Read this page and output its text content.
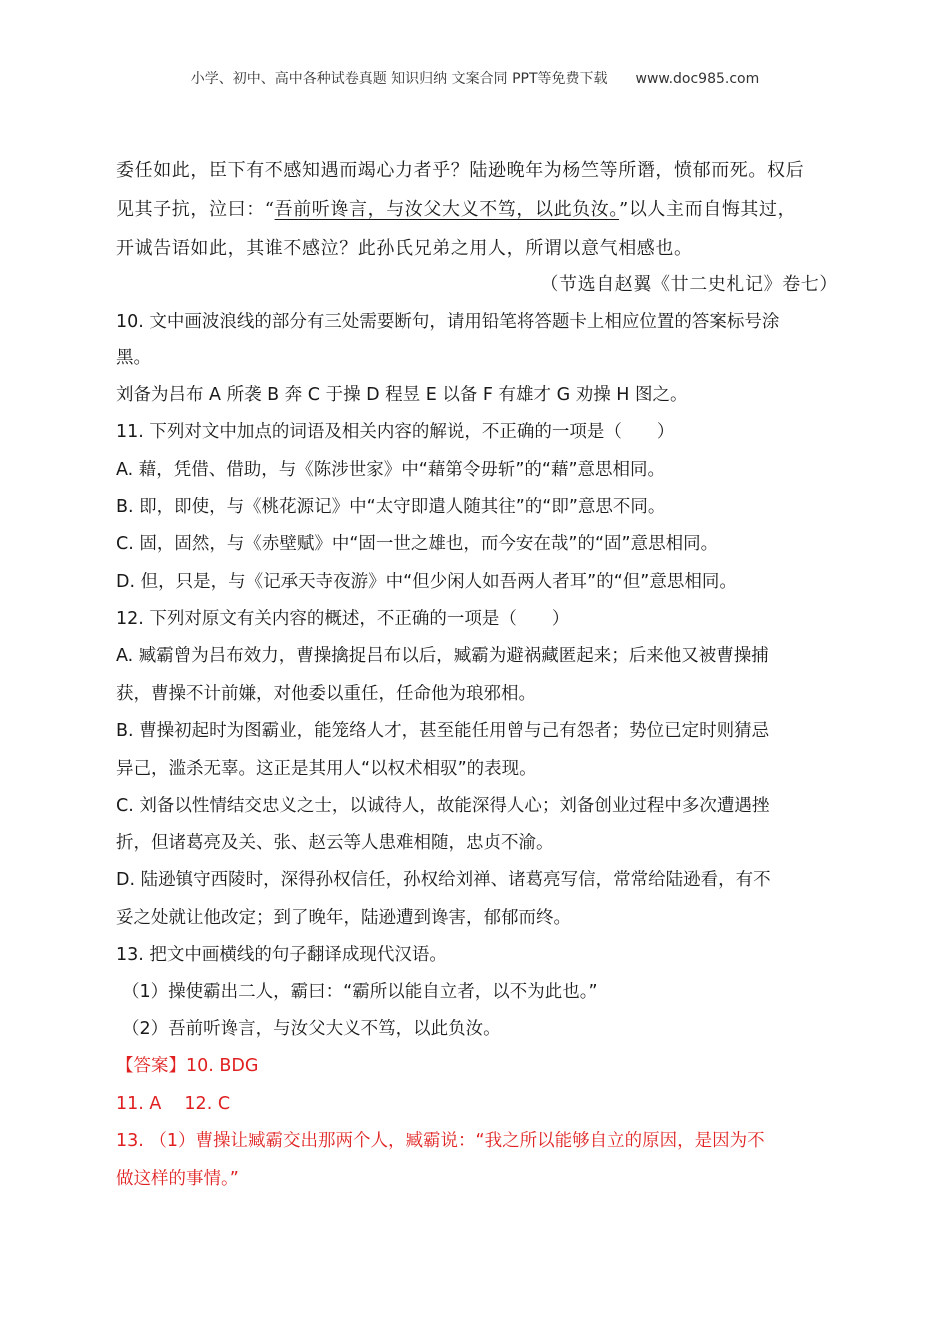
小学、初中、高中各种试卷真题 知识归纳 文案合同 PPT等免费下载 www.doc985.com
委任如此，臣下有不感知遇而竭心力者乎？陆逊晚年为杨竺等所谮，愤郁而死。权后
见其子抗，泣曰：“吾前听谗言，与汝父大义不笃，以此负汝。”以人主而自悔其过，
开诚告语如此，其谁不感泣？此孙氏兄弟之用人，所谓以意气相感也。
（节选自赵翼《廿二史札记》卷七）
10. 文中画波浪线的部分有三处需要断句，请用铅笔将答题卡上相应位置的答案标号涂
黑。
刘备为吕布 A 所袭 B 奔 C 于操 D 程昱 E 以备 F 有雄才 G 劝操 H 图之。
11. 下列对文中加点的词语及相关内容的解说，不正确的一项是（　　）
A. 藉，凭借、借助，与《陈涉世家》中“藉第令毋斩”的“藉”意思相同。
B. 即，即使，与《桃花源记》中“太守即遣人随其往”的“即”意思不同。
C. 固，固然，与《赤壁赋》中“固一世之雄也，而今安在哉”的“固”意思相同。
D. 但，只是，与《记承天寺夜游》中“但少闲人如吾两人者耳”的“但”意思相同。
12. 下列对原文有关内容的概述，不正确的一项是（　　）
A. 臧霸曾为吕布效力，曹操擒捉吕布以后，臧霸为避祸藏匿起来；后来他又被曹操捕
获，曹操不计前嫌，对他委以重任，任命他为琅邪相。
B. 曹操初起时为图霸业，能笼络人才，甚至能任用曾与己有怨者；势位已定时则猜忌
异己，滥杀无辜。这正是其用人“以权术相驭”的表现。
C. 刘备以性情结交忠义之士，以诚待人，故能深得人心；刘备创业过程中多次遭遇挫
折，但诸葛亮及关、张、赵云等人患难相随，忠贞不渝。
D. 陆逊镇守西陵时，深得孙权信任，孙权给刘禅、诸葛亮写信，常常给陆逊看，有不
妥之处就让他改定；到了晚年，陆逊遭到谗害，郁郁而终。
13. 把文中画横线的句子翻译成现代汉语。
（1）操使霸出二人，霸曰：“霸所以能自立者，以不为此也。”
（2）吾前听谗言，与汝父大义不笃，以此负汝。
【答案】10. BDG
11. A　 12. C
13. （1）曹操让臧霸交出那两个人，臧霸说：“我之所以能够自立的原因，是因为不
做这样的事情。”
